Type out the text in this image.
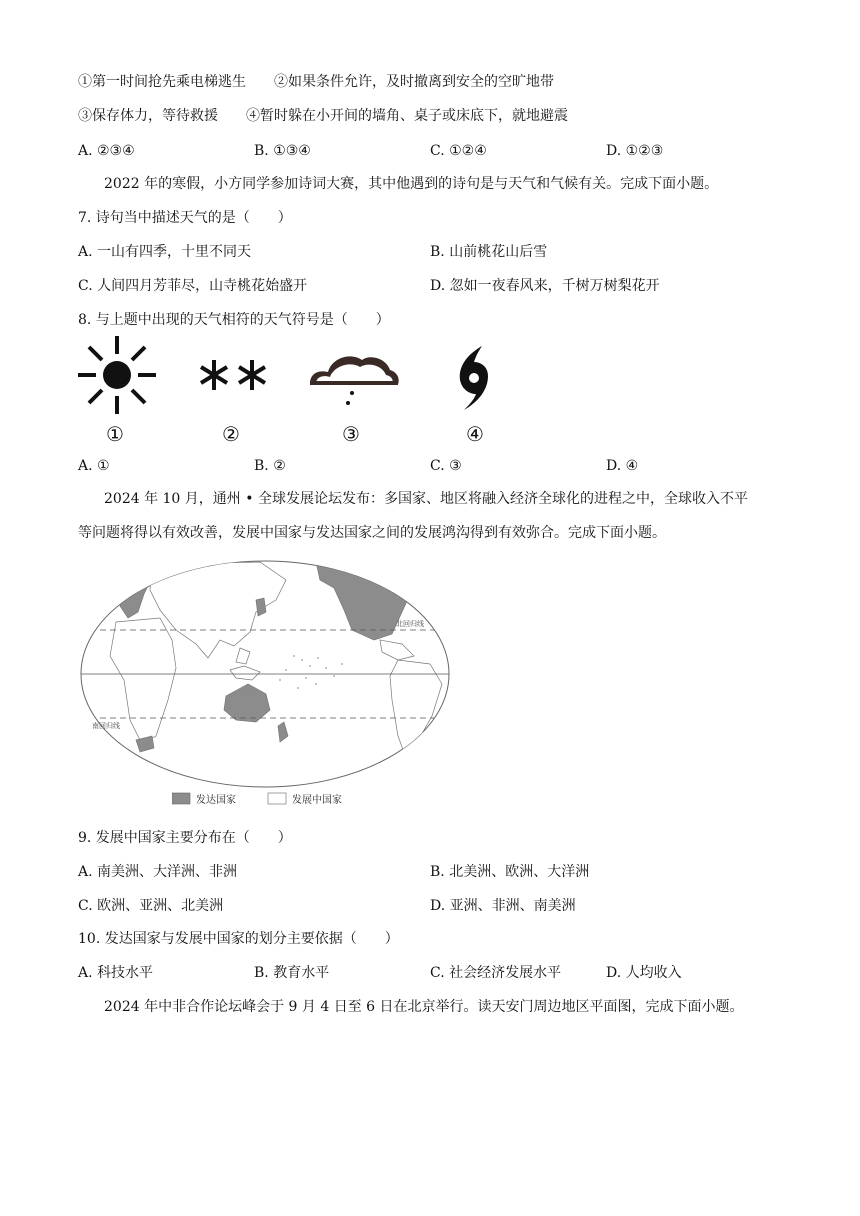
①第一时间抢先乘电梯逃生　　②如果条件允许，及时撤离到安全的空旷地带
③保存体力，等待救援　　④暂时躲在小开间的墙角、桌子或床底下，就地避震
A. ②③④	B. ①③④	C. ①②④	D. ①②③
2022 年的寒假，小方同学参加诗词大赛，其中他遇到的诗句是与天气和气候有关。完成下面小题。
7. 诗句当中描述天气的是（　　）
A. 一山有四季，十里不同天	B. 山前桃花山后雪
C. 人间四月芳菲尽，山寺桃花始盛开	D. 忽如一夜春风来，千树万树梨花开
8. 与上题中出现的天气相符的天气符号是（　　）
①	②	③	④
A. ①	B. ②	C. ③	D. ④
2024 年 10 月，通州 • 全球发展论坛发布：多国家、地区将融入经济全球化的进程之中，全球收入不平
等问题将得以有效改善，发展中国家与发达国家之间的发展鸿沟得到有效弥合。完成下面小题。
北回归线
南回归线
发达国家	发展中国家
9. 发展中国家主要分布在（　　）
A. 南美洲、大洋洲、非洲	B. 北美洲、欧洲、大洋洲
C. 欧洲、亚洲、北美洲	D. 亚洲、非洲、南美洲
10. 发达国家与发展中国家的划分主要依据（　　）
A. 科技水平	B. 教育水平	C. 社会经济发展水平	D. 人均收入
2024 年中非合作论坛峰会于 9 月 4 日至 6 日在北京举行。读天安门周边地区平面图，完成下面小题。
